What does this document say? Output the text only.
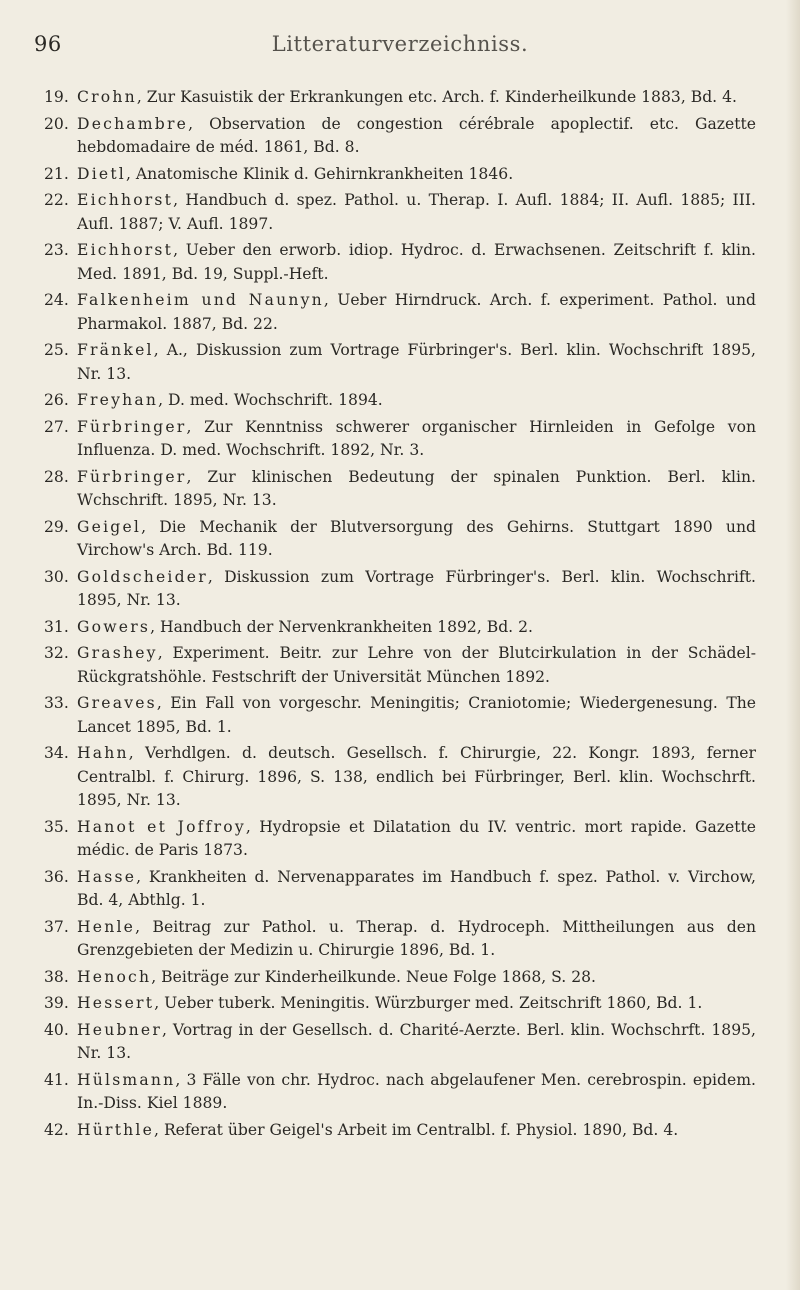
96	Litteraturverzeichniss.
19. Crohn, Zur Kasuistik der Erkrankungen etc. Arch. f. Kinderheilkunde 1883, Bd. 4.
20. Dechambre, Observation de congestion cérébrale apoplectif. etc. Gazette hebdomadaire de méd. 1861, Bd. 8.
21. Dietl, Anatomische Klinik d. Gehirnkrankheiten 1846.
22. Eichhorst, Handbuch d. spez. Pathol. u. Therap. I. Aufl. 1884; II. Aufl. 1885; III. Aufl. 1887; V. Aufl. 1897.
23. Eichhorst, Ueber den erworb. idiop. Hydroc. d. Erwachsenen. Zeitschrift f. klin. Med. 1891, Bd. 19, Suppl.-Heft.
24. Falkenheim und Naunyn, Ueber Hirndruck. Arch. f. experiment. Pathol. und Pharmakol. 1887, Bd. 22.
25. Fränkel, A., Diskussion zum Vortrage Fürbringer's. Berl. klin. Wochschrift 1895, Nr. 13.
26. Freyhan, D. med. Wochschrift. 1894.
27. Fürbringer, Zur Kenntniss schwerer organischer Hirnleiden in Gefolge von Influenza. D. med. Wochschrift. 1892, Nr. 3.
28. Fürbringer, Zur klinischen Bedeutung der spinalen Punktion. Berl. klin. Wchschrift. 1895, Nr. 13.
29. Geigel, Die Mechanik der Blutversorgung des Gehirns. Stuttgart 1890 und Virchow's Arch. Bd. 119.
30. Goldscheider, Diskussion zum Vortrage Fürbringer's. Berl. klin. Wochschrift. 1895, Nr. 13.
31. Gowers, Handbuch der Nervenkrankheiten 1892, Bd. 2.
32. Grashey, Experiment. Beitr. zur Lehre von der Blutcirkulation in der Schädel-Rückgratshöhle. Festschrift der Universität München 1892.
33. Greaves, Ein Fall von vorgeschr. Meningitis; Craniotomie; Wiedergenesung. The Lancet 1895, Bd. 1.
34. Hahn, Verhdlgen. d. deutsch. Gesellsch. f. Chirurgie, 22. Kongr. 1893, ferner Centralbl. f. Chirurg. 1896, S. 138, endlich bei Fürbringer, Berl. klin. Wochschrft. 1895, Nr. 13.
35. Hanot et Joffroy, Hydropsie et Dilatation du IV. ventric. mort rapide. Gazette médic. de Paris 1873.
36. Hasse, Krankheiten d. Nervenapparates im Handbuch f. spez. Pathol. v. Virchow, Bd. 4, Abthlg. 1.
37. Henle, Beitrag zur Pathol. u. Therap. d. Hydroceph. Mittheilungen aus den Grenzgebieten der Medizin u. Chirurgie 1896, Bd. 1.
38. Henoch, Beiträge zur Kinderheilkunde. Neue Folge 1868, S. 28.
39. Hessert, Ueber tuberk. Meningitis. Würzburger med. Zeitschrift 1860, Bd. 1.
40. Heubner, Vortrag in der Gesellsch. d. Charité-Aerzte. Berl. klin. Wochschrft. 1895, Nr. 13.
41. Hülsmann, 3 Fälle von chr. Hydroc. nach abgelaufener Men. cerebrospin. epidem. In.-Diss. Kiel 1889.
42. Hürthle, Referat über Geigel's Arbeit im Centralbl. f. Physiol. 1890, Bd. 4.
